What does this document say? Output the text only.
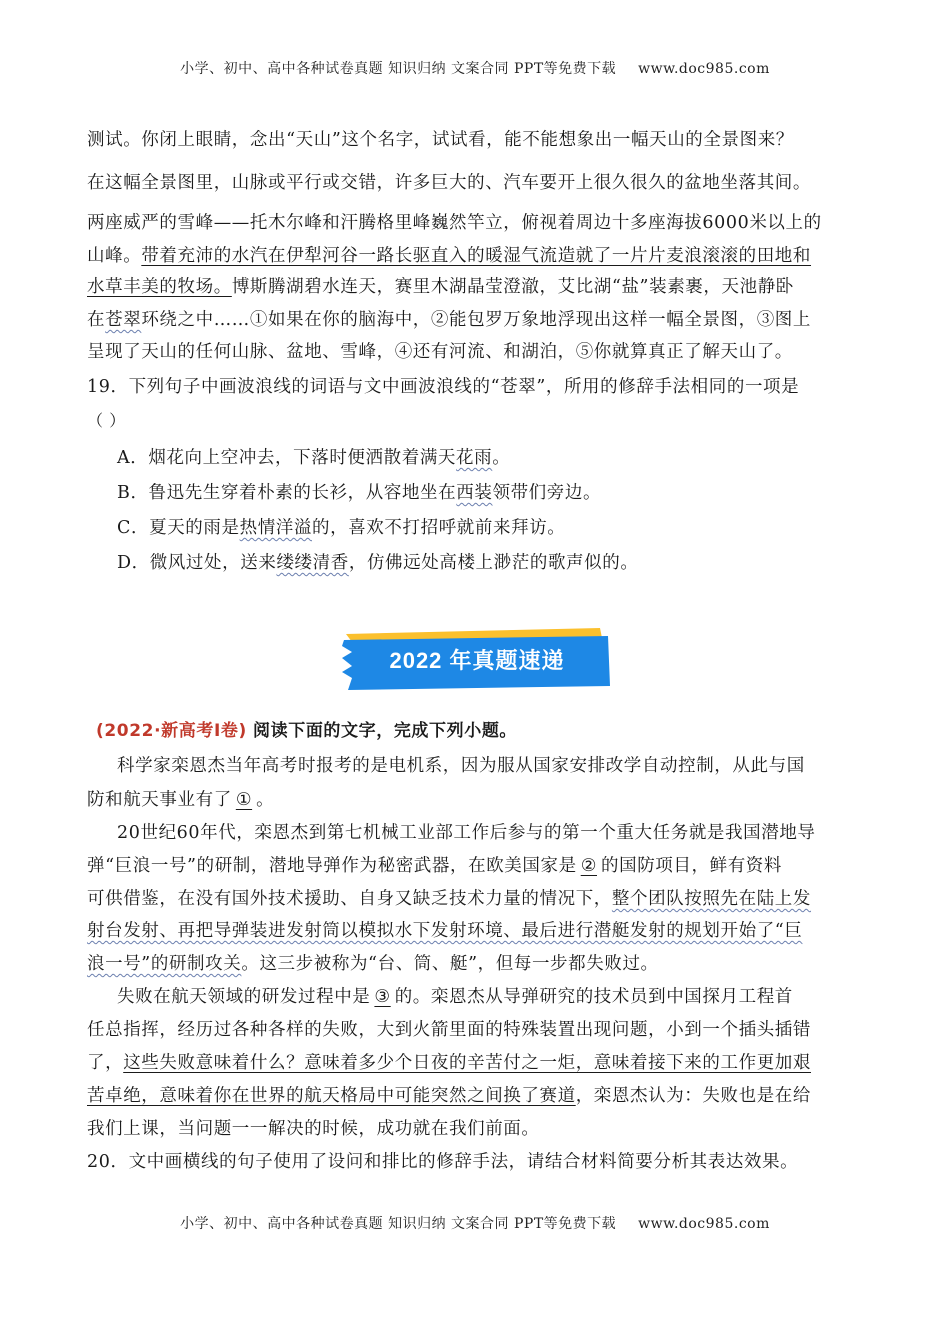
小学、初中、高中各种试卷真题 知识归纳 文案合同 PPT等免费下载 www.doc985.com
测试。你闭上眼睛，念出“天山”这个名字，试试看，能不能想象出一幅天山的全景图来？
在这幅全景图里，山脉或平行或交错，许多巨大的、汽车要开上很久很久的盆地坐落其间。
两座威严的雪峰——托木尔峰和汗腾格里峰巍然竿立，俯视着周边十多座海拔6000米以上的
山峰。带着充沛的水汽在伊犁河谷一路长驱直入的暖湿气流造就了一片片麦浪滚滚的田地和
水草丰美的牧场。博斯腾湖碧水连天，赛里木湖晶莹澄澈，艾比湖“盐”装素裹，天池静卧
在苍翠环绕之中……①如果在你的脑海中，②能包罗万象地浮现出这样一幅全景图，③图上
呈现了天山的任何山脉、盆地、雪峰，④还有河流、和湖泊，⑤你就算真正了解天山了。
19．下列句子中画波浪线的词语与文中画波浪线的“苍翠”，所用的修辞手法相同的一项是
（ ）
A．烟花向上空冲去，下落时便洒散着满天花雨。
B．鲁迅先生穿着朴素的长衫，从容地坐在西装领带们旁边。
C．夏天的雨是热情洋溢的，喜欢不打招呼就前来拜访。
D．微风过处，送来缕缕清香，仿佛远处高楼上渺茫的歌声似的。
2022 年真题速递
(2022·新高考Ⅰ卷) 阅读下面的文字，完成下列小题。
科学家栾恩杰当年高考时报考的是电机系，因为服从国家安排改学自动控制，从此与国
防和航天事业有了 ① 。
20世纪60年代，栾恩杰到第七机械工业部工作后参与的第一个重大任务就是我国潜地导
弹“巨浪一号”的研制，潜地导弹作为秘密武器，在欧美国家是 ② 的国防项目，鲜有资料
可供借鉴，在没有国外技术援助、自身又缺乏技术力量的情况下，整个团队按照先在陆上发
射台发射、再把导弹装进发射筒以模拟水下发射环境、最后进行潜艇发射的规划开始了“巨
浪一号”的研制攻关。这三步被称为“台、筒、艇”，但每一步都失败过。
失败在航天领域的研发过程中是 ③ 的。栾恩杰从导弹研究的技术员到中国探月工程首
任总指挥，经历过各种各样的失败，大到火箭里面的特殊装置出现问题，小到一个插头插错
了，这些失败意味着什么？意味着多少个日夜的辛苦付之一炬，意味着接下来的工作更加艰
苦卓绝，意味着你在世界的航天格局中可能突然之间换了赛道，栾恩杰认为：失败也是在给
我们上课，当问题一一解决的时候，成功就在我们前面。
20．文中画横线的句子使用了设问和排比的修辞手法，请结合材料简要分析其表达效果。
小学、初中、高中各种试卷真题 知识归纳 文案合同 PPT等免费下载 www.doc985.com
